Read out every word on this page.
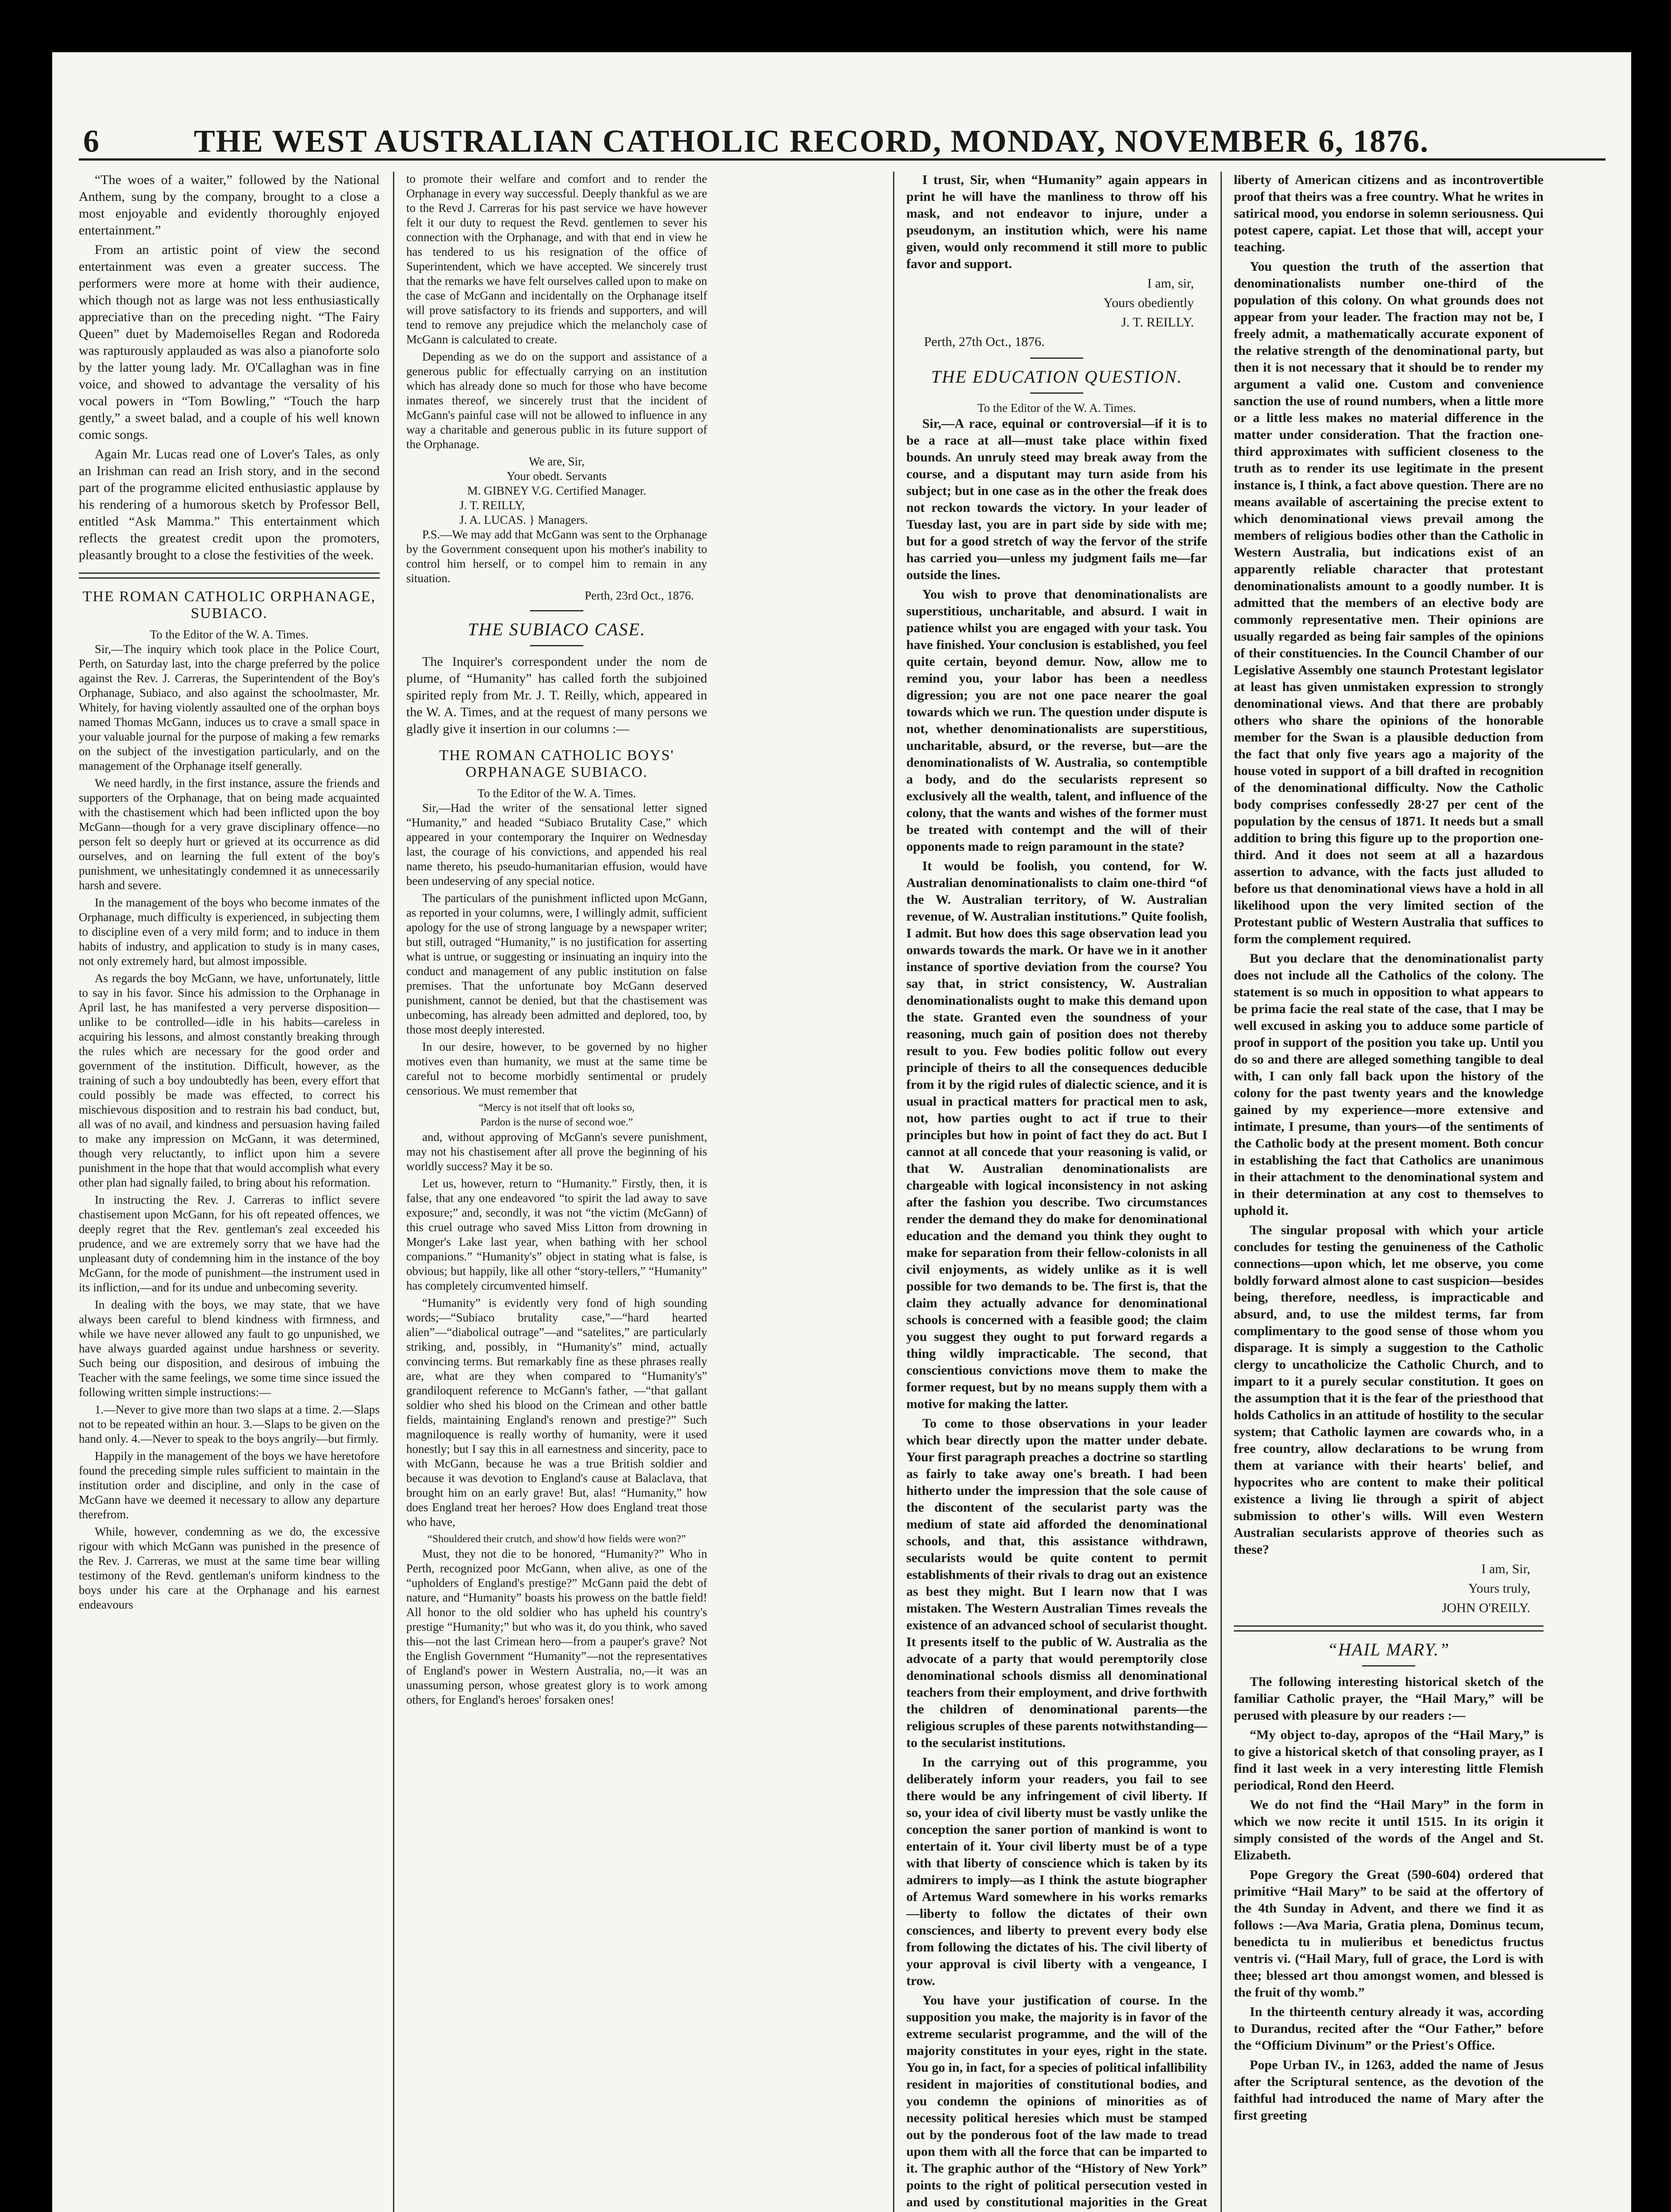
6	THE WEST AUSTRALIAN CATHOLIC RECORD, MONDAY, NOVEMBER 6, 1876.

“The woes of a waiter,” followed by the National Anthem, sung by the company, brought to a close a most enjoyable and evidently thoroughly enjoyed entertainment.”

From an artistic point of view the second entertainment was even a greater success. The performers were more at home with their audience, which though not as large was not less enthusiastically appreciative than on the preceding night. “The Fairy Queen” duet by Mademoiselles Regan and Rodoreda was rapturously applauded as was also a pianoforte solo by the latter young lady. Mr. O'Callaghan was in fine voice, and showed to advantage the versality of his vocal powers in “Tom Bowling,” “Touch the harp gently,” a sweet balad, and a couple of his well known comic songs.

Again Mr. Lucas read one of Lover's Tales, as only an Irishman can read an Irish story, and in the second part of the programme elicited enthusiastic applause by his rendering of a humorous sketch by Professor Bell, entitled “Ask Mamma.” This entertainment which reflects the greatest credit upon the promoters, pleasantly brought to a close the festivities of the week.

THE ROMAN CATHOLIC ORPHANAGE, SUBIACO.
To the Editor of the W. A. Times.

Sir,—The inquiry which took place in the Police Court, Perth, on Saturday last, into the charge preferred by the police against the Rev. J. Carreras, the Superintendent of the Boy's Orphanage, Subiaco, and also against the schoolmaster, Mr. Whitely, for having violently assaulted one of the orphan boys named Thomas McGann, induces us to crave a small space in your valuable journal for the purpose of making a few remarks on the subject of the investigation particularly, and on the management of the Orphanage itself generally.

We need hardly, in the first instance, assure the friends and supporters of the Orphanage, that on being made acquainted with the chastisement which had been inflicted upon the boy McGann—though for a very grave disciplinary offence—no person felt so deeply hurt or grieved at its occurrence as did ourselves, and on learning the full extent of the boy's punishment, we unhesitatingly condemned it as unnecessarily harsh and severe.

In the management of the boys who become inmates of the Orphanage, much difficulty is experienced, in subjecting them to discipline even of a very mild form; and to induce in them habits of industry, and application to study is in many cases, not only extremely hard, but almost impossible.

As regards the boy McGann, we have, unfortunately, little to say in his favor. Since his admission to the Orphanage in April last, he has manifested a very perverse disposition—unlike to be controlled—idle in his habits—careless in acquiring his lessons, and almost constantly breaking through the rules which are necessary for the good order and government of the institution. Difficult, however, as the training of such a boy undoubtedly has been, every effort that could possibly be made was effected, to correct his mischievous disposition and to restrain his bad conduct, but, all was of no avail, and kindness and persuasion having failed to make any impression on McGann, it was determined, though very reluctantly, to inflict upon him a severe punishment in the hope that that would accomplish what every other plan had signally failed, to bring about his reformation.

In instructing the Rev. J. Carreras to inflict severe chastisement upon McGann, for his oft repeated offences, we deeply regret that the Rev. gentleman's zeal exceeded his prudence, and we are extremely sorry that we have had the unpleasant duty of condemning him in the instance of the boy McGann, for the mode of punishment—the instrument used in its infliction,—and for its undue and unbecoming severity.

In dealing with the boys, we may state, that we have always been careful to blend kindness with firmness, and while we have never allowed any fault to go unpunished, we have always guarded against undue harshness or severity. Such being our disposition, and desirous of imbuing the Teacher with the same feelings, we some time since issued the following written simple instructions:—

1.—Never to give more than two slaps at a time. 2.—Slaps not to be repeated within an hour. 3.—Slaps to be given on the hand only. 4.—Never to speak to the boys angrily—but firmly.

Happily in the management of the boys we have heretofore found the preceding simple rules sufficient to maintain in the institution order and discipline, and only in the case of McGann have we deemed it necessary to allow any departure therefrom.

While, however, condemning as we do, the excessive rigour with which McGann was punished in the presence of the Rev. J. Carreras, we must at the same time bear willing testimony of the Revd. gentleman's uniform kindness to the boys under his care at the Orphanage and his earnest endeavours

to promote their welfare and comfort and to render the Orphanage in every way successful. Deeply thankful as we are to the Revd J. Carreras for his past service we have however felt it our duty to request the Revd. gentlemen to sever his connection with the Orphanage, and with that end in view he has tendered to us his resignation of the office of Superintendent, which we have accepted. We sincerely trust that the remarks we have felt ourselves called upon to make on the case of McGann and incidentally on the Orphanage itself will prove satisfactory to its friends and supporters, and will tend to remove any prejudice which the melancholy case of McGann is calculated to create.

Depending as we do on the support and assistance of a generous public for effectually carrying on an institution which has already done so much for those who have become inmates thereof, we sincerely trust that the incident of McGann's painful case will not be allowed to influence in any way a charitable and generous public in its future support of the Orphanage.

We are, Sir,
Your obedt. Servants
M. GIBNEY V.G. Certified Manager.
J. T. REILLY,
J. A. LUCAS. } Managers.

P.S.—We may add that McGann was sent to the Orphanage by the Government consequent upon his mother's inability to control him herself, or to compel him to remain in any situation.

Perth, 23rd Oct., 1876.
THE SUBIACO CASE.

The Inquirer's correspondent under the nom de plume, of “Humanity” has called forth the subjoined spirited reply from Mr. J. T. Reilly, which, appeared in the W. A. Times, and at the request of many persons we gladly give it insertion in our columns :—

THE ROMAN CATHOLIC BOYS' ORPHANAGE SUBIACO.
To the Editor of the W. A. Times.

Sir,—Had the writer of the sensational letter signed “Humanity,” and headed “Subiaco Brutality Case,” which appeared in your contemporary the Inquirer on Wednesday last, the courage of his convictions, and appended his real name thereto, his pseudo-humanitarian effusion, would have been undeserving of any special notice.

The particulars of the punishment inflicted upon McGann, as reported in your columns, were, I willingly admit, sufficient apology for the use of strong language by a newspaper writer; but still, outraged “Humanity,” is no justification for asserting what is untrue, or suggesting or insinuating an inquiry into the conduct and management of any public institution on false premises. That the unfortunate boy McGann deserved punishment, cannot be denied, but that the chastisement was unbecoming, has already been admitted and deplored, too, by those most deeply interested.

In our desire, however, to be governed by no higher motives even than humanity, we must at the same time be careful not to become morbidly sentimental or prudely censorious. We must remember that

“Mercy is not itself that oft looks so,
Pardon is the nurse of second woe.”

and, without approving of McGann's severe punishment, may not his chastisement after all prove the beginning of his worldly success? May it be so.

Let us, however, return to “Humanity.” Firstly, then, it is false, that any one endeavored “to spirit the lad away to save exposure;” and, secondly, it was not “the victim (McGann) of this cruel outrage who saved Miss Litton from drowning in Monger's Lake last year, when bathing with her school companions.” “Humanity's” object in stating what is false, is obvious; but happily, like all other “story-tellers,” “Humanity” has completely circumvented himself.

“Humanity” is evidently very fond of high sounding words;—“Subiaco brutality case,”—“hard hearted alien”—“diabolical outrage”—and “satelites,” are particularly striking, and, possibly, in “Humanity's” mind, actually convincing terms. But remarkably fine as these phrases really are, what are they when compared to “Humanity's” grandiloquent reference to McGann's father, —“that gallant soldier who shed his blood on the Crimean and other battle fields, maintaining England's renown and prestige?” Such magniloquence is really worthy of humanity, were it used honestly; but I say this in all earnestness and sincerity, pace to with McGann, because he was a true British soldier and because it was devotion to England's cause at Balaclava, that brought him on an early grave! But, alas! “Humanity,” how does England treat her heroes? How does England treat those who have,

“Shouldered their crutch, and show'd how fields were won?”

Must, they not die to be honored, “Humanity?” Who in Perth, recognized poor McGann, when alive, as one of the “upholders of England's prestige?” McGann paid the debt of nature, and “Humanity” boasts his prowess on the battle field! All honor to the old soldier who has upheld his country's prestige “Humanity;” but who was it, do you think, who saved this—not the last Crimean hero—from a pauper's grave? Not the English Government “Humanity”—not the representatives of England's power in Western Australia, no,—it was an unassuming person, whose greatest glory is to work among others, for England's heroes' forsaken ones!

I trust, Sir, when “Humanity” again appears in print he will have the manliness to throw off his mask, and not endeavor to injure, under a pseudonym, an institution which, were his name given, would only recommend it still more to public favor and support.

I am, sir,
Yours obediently
J. T. REILLY.
Perth, 27th Oct., 1876.
THE EDUCATION QUESTION.
To the Editor of the W. A. Times.

Sir,—A race, equinal or controversial—if it is to be a race at all—must take place within fixed bounds. An unruly steed may break away from the course, and a disputant may turn aside from his subject; but in one case as in the other the freak does not reckon towards the victory. In your leader of Tuesday last, you are in part side by side with me; but for a good stretch of way the fervor of the strife has carried you—unless my judgment fails me—far outside the lines.

You wish to prove that denominationalists are superstitious, uncharitable, and absurd. I wait in patience whilst you are engaged with your task. You have finished. Your conclusion is established, you feel quite certain, beyond demur. Now, allow me to remind you, your labor has been a needless digression; you are not one pace nearer the goal towards which we run. The question under dispute is not, whether denominationalists are superstitious, uncharitable, absurd, or the reverse, but—are the denominationalists of W. Australia, so contemptible a body, and do the secularists represent so exclusively all the wealth, talent, and influence of the colony, that the wants and wishes of the former must be treated with contempt and the will of their opponents made to reign paramount in the state?

It would be foolish, you contend, for W. Australian denominationalists to claim one-third “of the W. Australian territory, of W. Australian revenue, of W. Australian institutions.” Quite foolish, I admit. But how does this sage observation lead you onwards towards the mark. Or have we in it another instance of sportive deviation from the course? You say that, in strict consistency, W. Australian denominationalists ought to make this demand upon the state. Granted even the soundness of your reasoning, much gain of position does not thereby result to you. Few bodies politic follow out every principle of theirs to all the consequences deducible from it by the rigid rules of dialectic science, and it is usual in practical matters for practical men to ask, not, how parties ought to act if true to their principles but how in point of fact they do act. But I cannot at all concede that your reasoning is valid, or that W. Australian denominationalists are chargeable with logical inconsistency in not asking after the fashion you describe. Two circumstances render the demand they do make for denominational education and the demand you think they ought to make for separation from their fellow-colonists in all civil enjoyments, as widely unlike as it is well possible for two demands to be. The first is, that the claim they actually advance for denominational schools is concerned with a feasible good; the claim you suggest they ought to put forward regards a thing wildly impracticable. The second, that conscientious convictions move them to make the former request, but by no means supply them with a motive for making the latter.

To come to those observations in your leader which bear directly upon the matter under debate. Your first paragraph preaches a doctrine so startling as fairly to take away one's breath. I had been hitherto under the impression that the sole cause of the discontent of the secularist party was the medium of state aid afforded the denominational schools, and that, this assistance withdrawn, secularists would be quite content to permit establishments of their rivals to drag out an existence as best they might. But I learn now that I was mistaken. The Western Australian Times reveals the existence of an advanced school of secularist thought. It presents itself to the public of W. Australia as the advocate of a party that would peremptorily close denominational schools dismiss all denominational teachers from their employment, and drive forthwith the children of denominational parents—the religious scruples of these parents notwithstanding—to the secularist institutions.

In the carrying out of this programme, you deliberately inform your readers, you fail to see there would be any infringement of civil liberty. If so, your idea of civil liberty must be vastly unlike the conception the saner portion of mankind is wont to entertain of it. Your civil liberty must be of a type with that liberty of conscience which is taken by its admirers to imply—as I think the astute biographer of Artemus Ward somewhere in his works remarks—liberty to follow the dictates of their own consciences, and liberty to prevent every body else from following the dictates of his. The civil liberty of your approval is civil liberty with a vengeance, I trow.

You have your justification of course. In the supposition you make, the majority is in favor of the extreme secularist programme, and the will of the majority constitutes in your eyes, right in the state. You go in, in fact, for a species of political infallibility resident in majorities of constitutional bodies, and you condemn the opinions of minorities as of necessity political heresies which must be stamped out by the ponderous foot of the law made to tread upon them with all the force that can be imparted to it. The graphic author of the “History of New York” points to the right of political persecution vested in and used by constitutional majorities in the Great

liberty of American citizens and as incontrovertible proof that theirs was a free country. What he writes in satirical mood, you endorse in solemn seriousness. Qui potest capere, capiat. Let those that will, accept your teaching.

You question the truth of the assertion that denominationalists number one-third of the population of this colony. On what grounds does not appear from your leader. The fraction may not be, I freely admit, a mathematically accurate exponent of the relative strength of the denominational party, but then it is not necessary that it should be to render my argument a valid one. Custom and convenience sanction the use of round numbers, when a little more or a little less makes no material difference in the matter under consideration. That the fraction one-third approximates with sufficient closeness to the truth as to render its use legitimate in the present instance is, I think, a fact above question. There are no means available of ascertaining the precise extent to which denominational views prevail among the members of religious bodies other than the Catholic in Western Australia, but indications exist of an apparently reliable character that protestant denominationalists amount to a goodly number. It is admitted that the members of an elective body are commonly representative men. Their opinions are usually regarded as being fair samples of the opinions of their constituencies. In the Council Chamber of our Legislative Assembly one staunch Protestant legislator at least has given unmistaken expression to strongly denominational views. And that there are probably others who share the opinions of the honorable member for the Swan is a plausible deduction from the fact that only five years ago a majority of the house voted in support of a bill drafted in recognition of the denominational difficulty. Now the Catholic body comprises confessedly 28·27 per cent of the population by the census of 1871. It needs but a small addition to bring this figure up to the proportion one-third. And it does not seem at all a hazardous assertion to advance, with the facts just alluded to before us that denominational views have a hold in all likelihood upon the very limited section of the Protestant public of Western Australia that suffices to form the complement required.

But you declare that the denominationalist party does not include all the Catholics of the colony. The statement is so much in opposition to what appears to be prima facie the real state of the case, that I may be well excused in asking you to adduce some particle of proof in support of the position you take up. Until you do so and there are alleged something tangible to deal with, I can only fall back upon the history of the colony for the past twenty years and the knowledge gained by my experience—more extensive and intimate, I presume, than yours—of the sentiments of the Catholic body at the present moment. Both concur in establishing the fact that Catholics are unanimous in their attachment to the denominational system and in their determination at any cost to themselves to uphold it.

The singular proposal with which your article concludes for testing the genuineness of the Catholic connections—upon which, let me observe, you come boldly forward almost alone to cast suspicion—besides being, therefore, needless, is impracticable and absurd, and, to use the mildest terms, far from complimentary to the good sense of those whom you disparage. It is simply a suggestion to the Catholic clergy to uncatholicize the Catholic Church, and to impart to it a purely secular constitution. It goes on the assumption that it is the fear of the priesthood that holds Catholics in an attitude of hostility to the secular system; that Catholic laymen are cowards who, in a free country, allow declarations to be wrung from them at variance with their hearts' belief, and hypocrites who are content to make their political existence a living lie through a spirit of abject submission to other's wills. Will even Western Australian secularists approve of theories such as these?

I am, Sir,
Yours truly,
JOHN O'REILY.
“HAIL MARY.”

The following interesting historical sketch of the familiar Catholic prayer, the “Hail Mary,” will be perused with pleasure by our readers :—

“My object to-day, apropos of the “Hail Mary,” is to give a historical sketch of that consoling prayer, as I find it last week in a very interesting little Flemish periodical, Rond den Heerd.

We do not find the “Hail Mary” in the form in which we now recite it until 1515. In its origin it simply consisted of the words of the Angel and St. Elizabeth.

Pope Gregory the Great (590-604) ordered that primitive “Hail Mary” to be said at the offertory of the 4th Sunday in Advent, and there we find it as follows :—Ava Maria, Gratia plena, Dominus tecum, benedicta tu in mulieribus et benedictus fructus ventris vi. (“Hail Mary, full of grace, the Lord is with thee; blessed art thou amongst women, and blessed is the fruit of thy womb.”

In the thirteenth century already it was, according to Durandus, recited after the “Our Father,” before the “Officium Divinum” or the Priest's Office.

Pope Urban IV., in 1263, added the name of Jesus after the Scriptural sentence, as the devotion of the faithful had introduced the name of Mary after the first greeting
